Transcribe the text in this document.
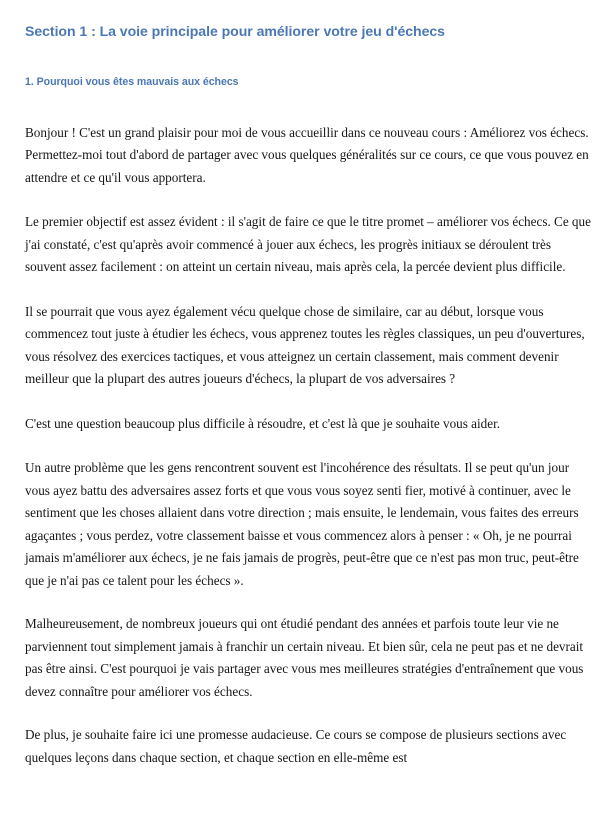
Section 1 : La voie principale pour améliorer votre jeu d'échecs
1. Pourquoi vous êtes mauvais aux échecs

Bonjour ! C'est un grand plaisir pour moi de vous accueillir dans ce nouveau cours : Améliorez vos échecs. Permettez-moi tout d'abord de partager avec vous quelques généralités sur ce cours, ce que vous pouvez en attendre et ce qu'il vous apportera.

Le premier objectif est assez évident : il s'agit de faire ce que le titre promet – améliorer vos échecs. Ce que j'ai constaté, c'est qu'après avoir commencé à jouer aux échecs, les progrès initiaux se déroulent très souvent assez facilement : on atteint un certain niveau, mais après cela, la percée devient plus difficile.

Il se pourrait que vous ayez également vécu quelque chose de similaire, car au début, lorsque vous commencez tout juste à étudier les échecs, vous apprenez toutes les règles classiques, un peu d'ouvertures, vous résolvez des exercices tactiques, et vous atteignez un certain classement, mais comment devenir meilleur que la plupart des autres joueurs d'échecs, la plupart de vos adversaires ?

C'est une question beaucoup plus difficile à résoudre, et c'est là que je souhaite vous aider.

Un autre problème que les gens rencontrent souvent est l'incohérence des résultats. Il se peut qu'un jour vous ayez battu des adversaires assez forts et que vous vous soyez senti fier, motivé à continuer, avec le sentiment que les choses allaient dans votre direction ; mais ensuite, le lendemain, vous faites des erreurs agaçantes ; vous perdez, votre classement baisse et vous commencez alors à penser : « Oh, je ne pourrai jamais m'améliorer aux échecs, je ne fais jamais de progrès, peut-être que ce n'est pas mon truc, peut-être que je n'ai pas ce talent pour les échecs ».

Malheureusement, de nombreux joueurs qui ont étudié pendant des années et parfois toute leur vie ne parviennent tout simplement jamais à franchir un certain niveau. Et bien sûr, cela ne peut pas et ne devrait pas être ainsi. C'est pourquoi je vais partager avec vous mes meilleures stratégies d'entraînement que vous devez connaître pour améliorer vos échecs.

De plus, je souhaite faire ici une promesse audacieuse. Ce cours se compose de plusieurs sections avec quelques leçons dans chaque section, et chaque section en elle-même est
